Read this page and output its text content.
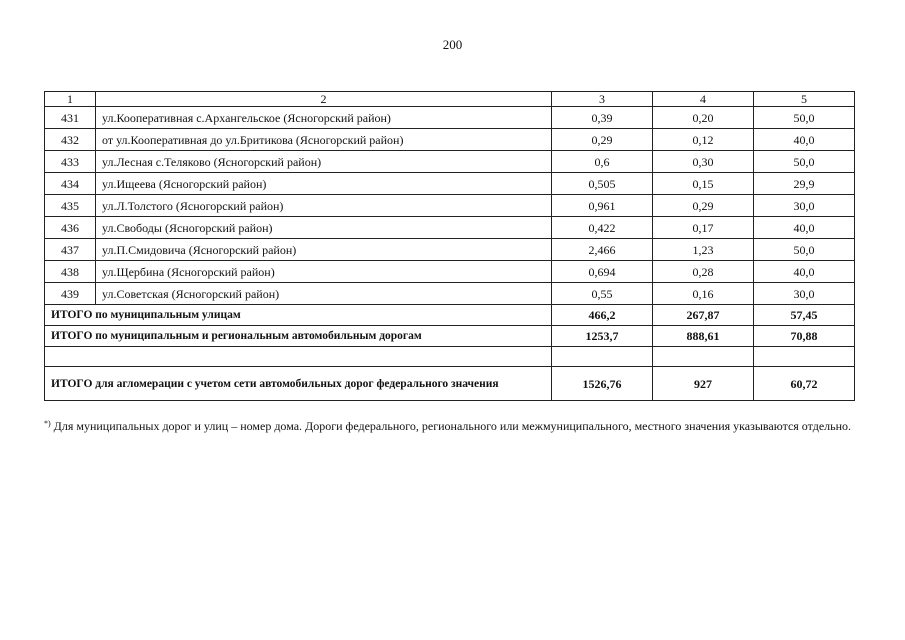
200
1	2	3	4	5
431	ул.Кооперативная с.Архангельское (Ясногорский район)	0,39	0,20	50,0
432	от ул.Кооперативная до ул.Бритикова (Ясногорский район)	0,29	0,12	40,0
433	ул.Лесная с.Теляково (Ясногорский район)	0,6	0,30	50,0
434	ул.Ищеева (Ясногорский район)	0,505	0,15	29,9
435	ул.Л.Толстого (Ясногорский район)	0,961	0,29	30,0
436	ул.Свободы (Ясногорский район)	0,422	0,17	40,0
437	ул.П.Смидовича (Ясногорский район)	2,466	1,23	50,0
438	ул.Щербина (Ясногорский район)	0,694	0,28	40,0
439	ул.Советская (Ясногорский район)	0,55	0,16	30,0
ИТОГО по муниципальным улицам		466,2	267,87	57,45
ИТОГО по муниципальным и региональным автомобильным дорогам		1253,7	888,61	70,88

ИТОГО для агломерации с учетом сети автомобильных дорог федерального значения		1526,76	927	60,72
*) Для муниципальных дорог и улиц – номер дома. Дороги федерального, регионального или межмуниципального, местного значения указываются отдельно.
